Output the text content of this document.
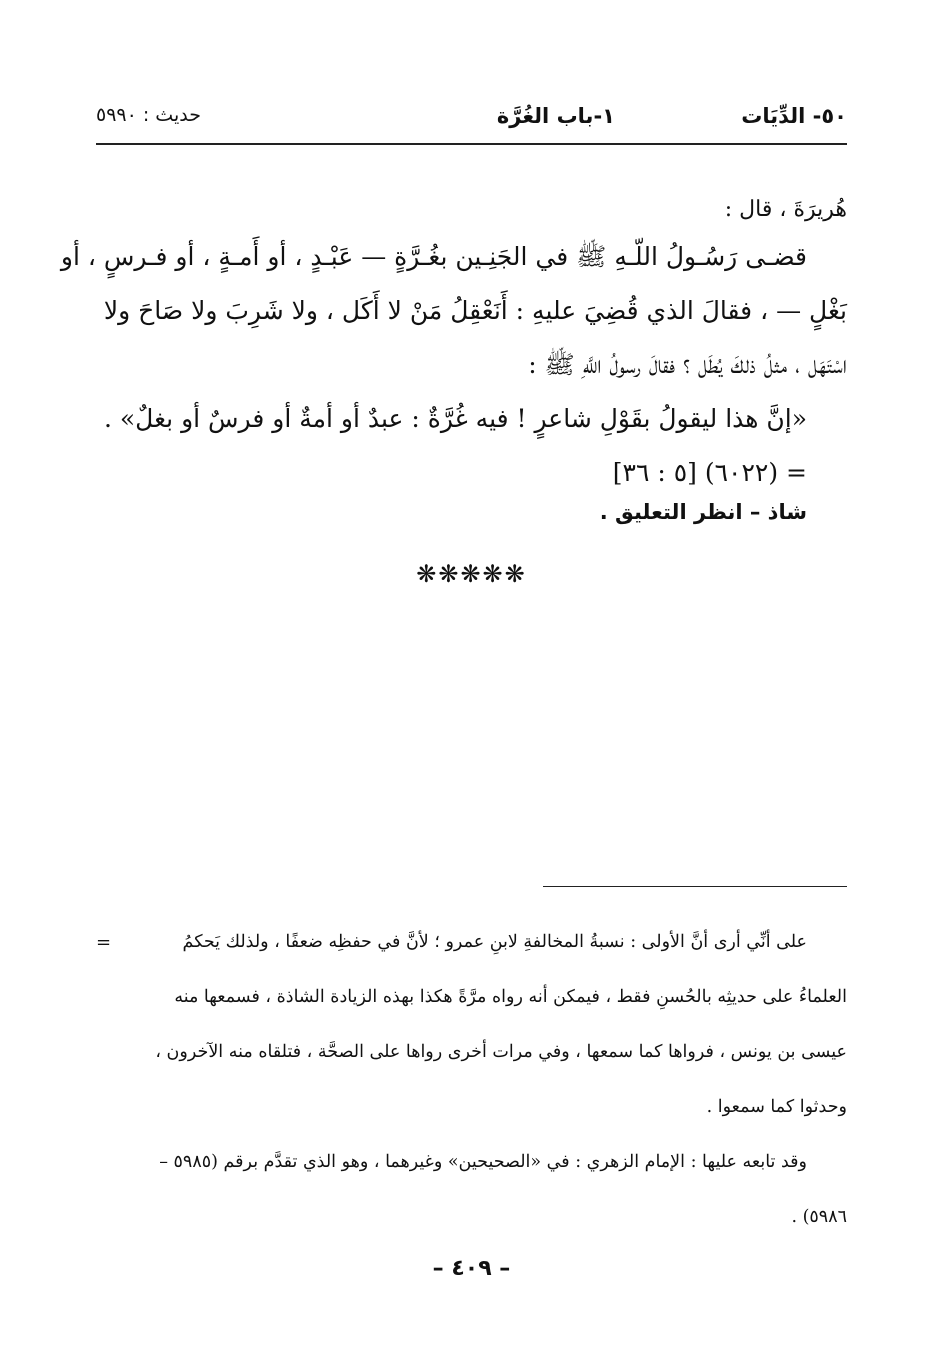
٥٠- الدِّيَات
١-باب الغُرَّة
حديث : ٥٩٩٠
هُريرَةَ ، قال :
قضـى رَسُـولُ اللّـهِ ﷺ في الجَنِـين بغُـرَّةٍ — عَبْـدٍ ، أو أَمـةٍ ، أو فـرسٍ ، أو
بَغْلٍ — ، فقالَ الذي قُضِيَ عليهِ : أَنَعْقِلُ مَنْ لا أَكَل ، ولا شَرِبَ ولا صَاحَ ولا
اسْتَهَل ، مثلُ ذلكَ يُطَل ؟ فقالَ رسولُ اللَّهِ ﷺ :
«إنَّ هذا ليقولُ بقَوْلِ شاعرٍ ! فيه غُرَّةٌ : عبدٌ أو أمةٌ أو فرسٌ أو بغلٌ» .
= (٦٠٢٢) [٥ : ٣٦]
شاذ – انظر التعليق .
❋❋❋❋❋
=	على أنِّي أرى أنَّ الأولى : نسبةُ المخالفةِ لابنِ عمرو ؛ لأنَّ في حفظِه ضعفًا ، ولذلك يَحكمُ
العلماءُ على حديثِه بالحُسنِ فقط ، فيمكن أنه رواه مرَّةً هكذا بهذه الزيادة الشاذة ، فسمعها منه
عيسى بن يونس ، فرواها كما سمعها ، وفي مرات أخرى رواها على الصحَّة ، فتلقاه منه الآخرون ،
وحدثوا كما سمعوا .
وقد تابعه عليها : الإمام الزهري : في «الصحيحين» وغيرهما ، وهو الذي تقدَّم برقم (٥٩٨٥ –
٥٩٨٦) .
– ٤٠٩ –
